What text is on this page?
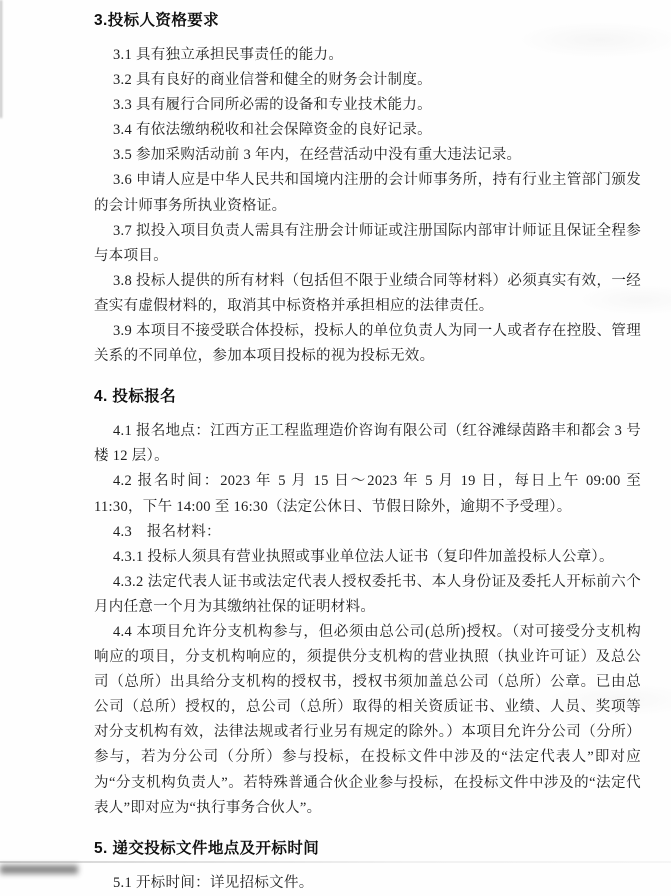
3.投标人资格要求

3.1 具有独立承担民事责任的能力。

3.2 具有良好的商业信誉和健全的财务会计制度。

3.3 具有履行合同所必需的设备和专业技术能力。

3.4 有依法缴纳税收和社会保障资金的良好记录。

3.5 参加采购活动前 3 年内，在经营活动中没有重大违法记录。

3.6 申请人应是中华人民共和国境内注册的会计师事务所，持有行业主管部门颁发的会计师事务所执业资格证。

3.7 拟投入项目负责人需具有注册会计师证或注册国际内部审计师证且保证全程参与本项目。

3.8 投标人提供的所有材料（包括但不限于业绩合同等材料）必须真实有效，一经查实有虚假材料的，取消其中标资格并承担相应的法律责任。

3.9 本项目不接受联合体投标，投标人的单位负责人为同一人或者存在控股、管理关系的不同单位，参加本项目投标的视为投标无效。

4. 投标报名

4.1 报名地点：江西方正工程监理造价咨询有限公司（红谷滩绿茵路丰和都会 3 号楼 12 层）。

4.2 报名时间：2023 年 5 月 15 日～2023 年 5 月 19 日，每日上午 09:00 至 11:30，下午 14:00 至 16:30（法定公休日、节假日除外，逾期不予受理）。

4.3　报名材料：

4.3.1 投标人须具有营业执照或事业单位法人证书（复印件加盖投标人公章）。

4.3.2 法定代表人证书或法定代表人授权委托书、本人身份证及委托人开标前六个月内任意一个月为其缴纳社保的证明材料。

4.4 本项目允许分支机构参与，但必须由总公司(总所)授权。（对可接受分支机构响应的项目，分支机构响应的，须提供分支机构的营业执照（执业许可证）及总公司（总所）出具给分支机构的授权书，授权书须加盖总公司（总所）公章。已由总公司（总所）授权的，总公司（总所）取得的相关资质证书、业绩、人员、奖项等对分支机构有效，法律法规或者行业另有规定的除外。）本项目允许分公司（分所）参与，若为分公司（分所）参与投标，在投标文件中涉及的“法定代表人”即对应为“分支机构负责人”。若特殊普通合伙企业参与投标，在投标文件中涉及的“法定代表人”即对应为“执行事务合伙人”。

5. 递交投标文件地点及开标时间

5.1 开标时间：详见招标文件。
